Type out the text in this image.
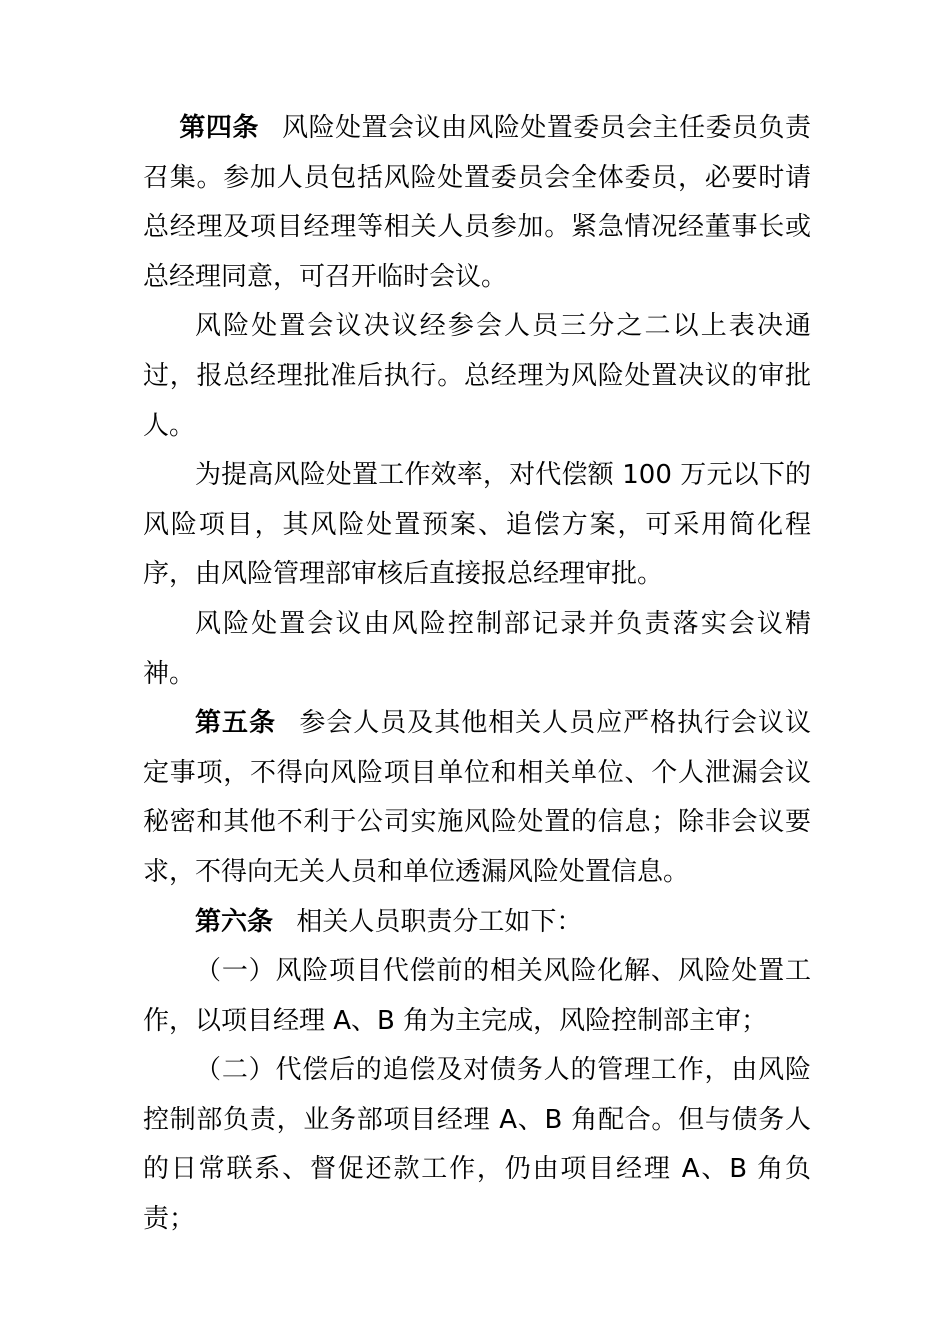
第四条 风险处置会议由风险处置委员会主任委员负责召集。参加人员包括风险处置委员会全体委员，必要时请总经理及项目经理等相关人员参加。紧急情况经董事长或总经理同意，可召开临时会议。

风险处置会议决议经参会人员三分之二以上表决通过，报总经理批准后执行。总经理为风险处置决议的审批人。

为提高风险处置工作效率，对代偿额 100 万元以下的风险项目，其风险处置预案、追偿方案，可采用简化程序，由风险管理部审核后直接报总经理审批。

风险处置会议由风险控制部记录并负责落实会议精神。

第五条 参会人员及其他相关人员应严格执行会议议定事项，不得向风险项目单位和相关单位、个人泄漏会议秘密和其他不利于公司实施风险处置的信息；除非会议要求，不得向无关人员和单位透漏风险处置信息。

第六条 相关人员职责分工如下：

（一）风险项目代偿前的相关风险化解、风险处置工作，以项目经理 A、B 角为主完成，风险控制部主审；

（二）代偿后的追偿及对债务人的管理工作，由风险控制部负责，业务部项目经理 A、B 角配合。但与债务人的日常联系、督促还款工作，仍由项目经理 A、B 角负责；
